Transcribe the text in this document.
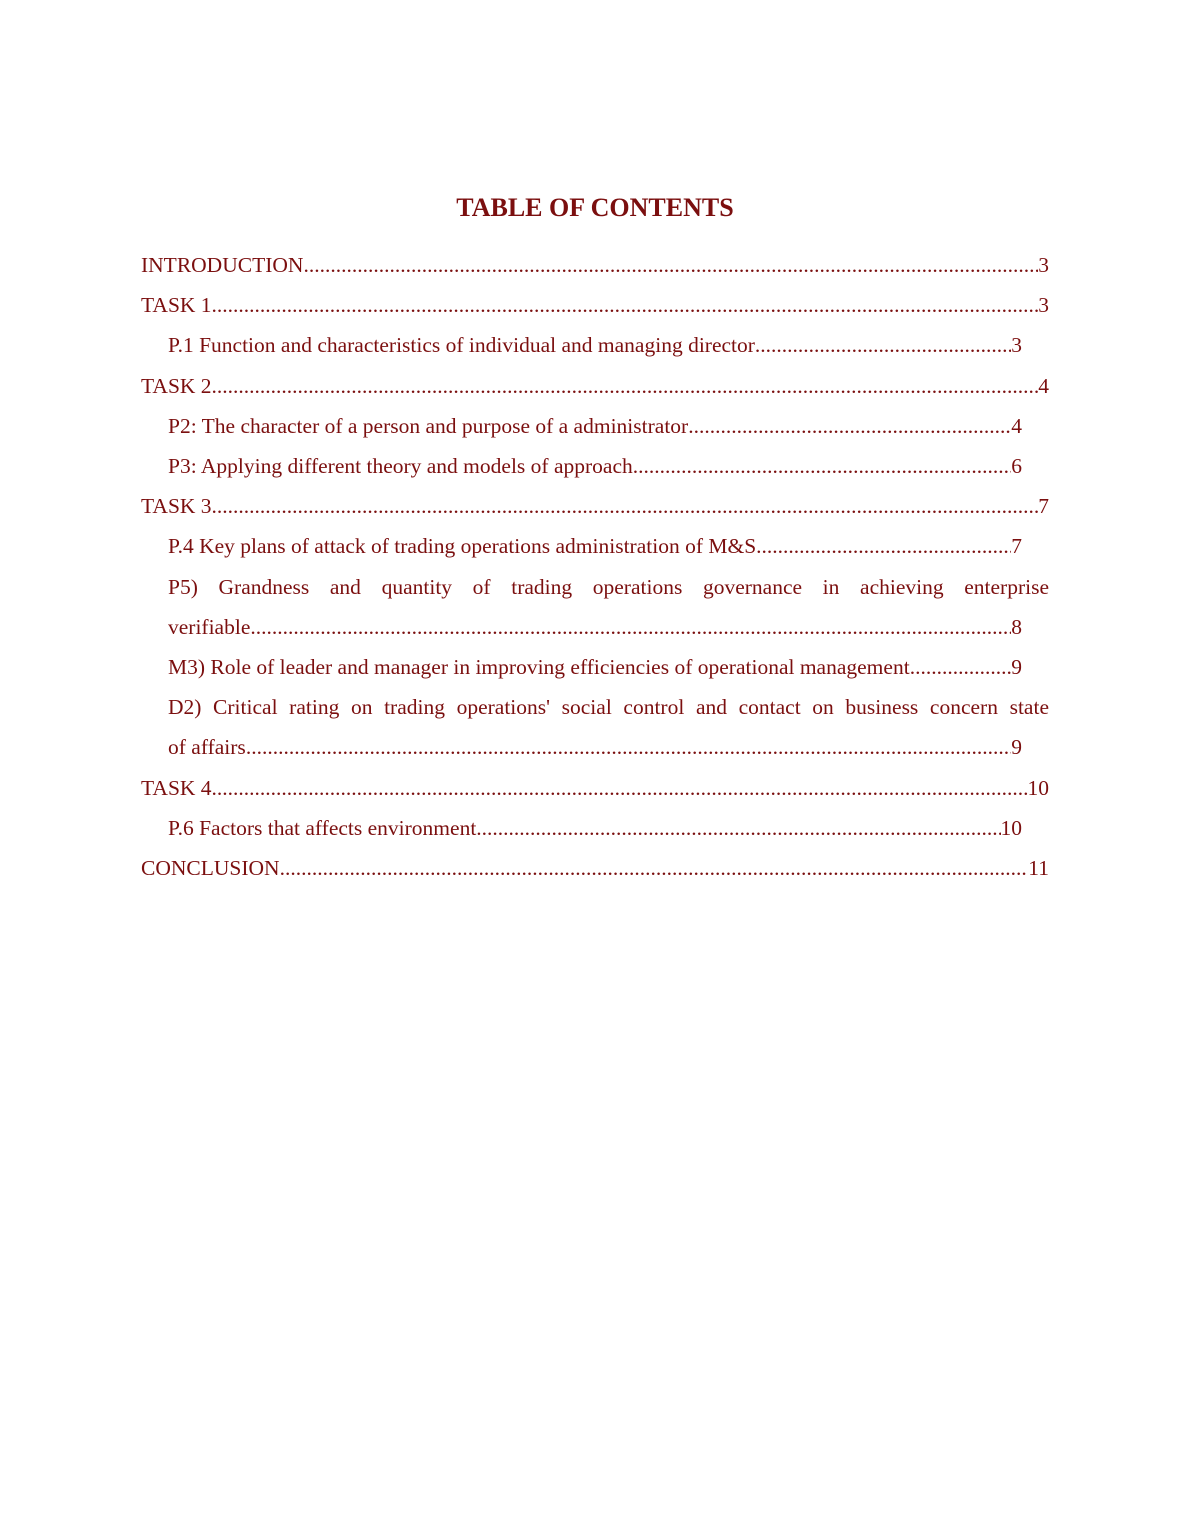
TABLE OF CONTENTS
INTRODUCTION .....	3
TASK 1 .....	3
P.1 Function and characteristics of individual and managing director .....	3
TASK 2 .....	4
P2: The character of a person and purpose of a administrator .....	4
P3: Applying different theory and models of approach .....	6
TASK 3 .....	7
P.4 Key plans of attack of trading operations administration of M&S .....	7
P5) Grandness and quantity of trading operations governance in achieving enterprise
verifiable .....	8
M3) Role of leader and manager in improving efficiencies of operational management .....	9
D2) Critical rating on trading operations' social control and contact on business concern state
of affairs .....	9
TASK 4 .....	10
P.6 Factors that affects environment .....	10
CONCLUSION .....	11
